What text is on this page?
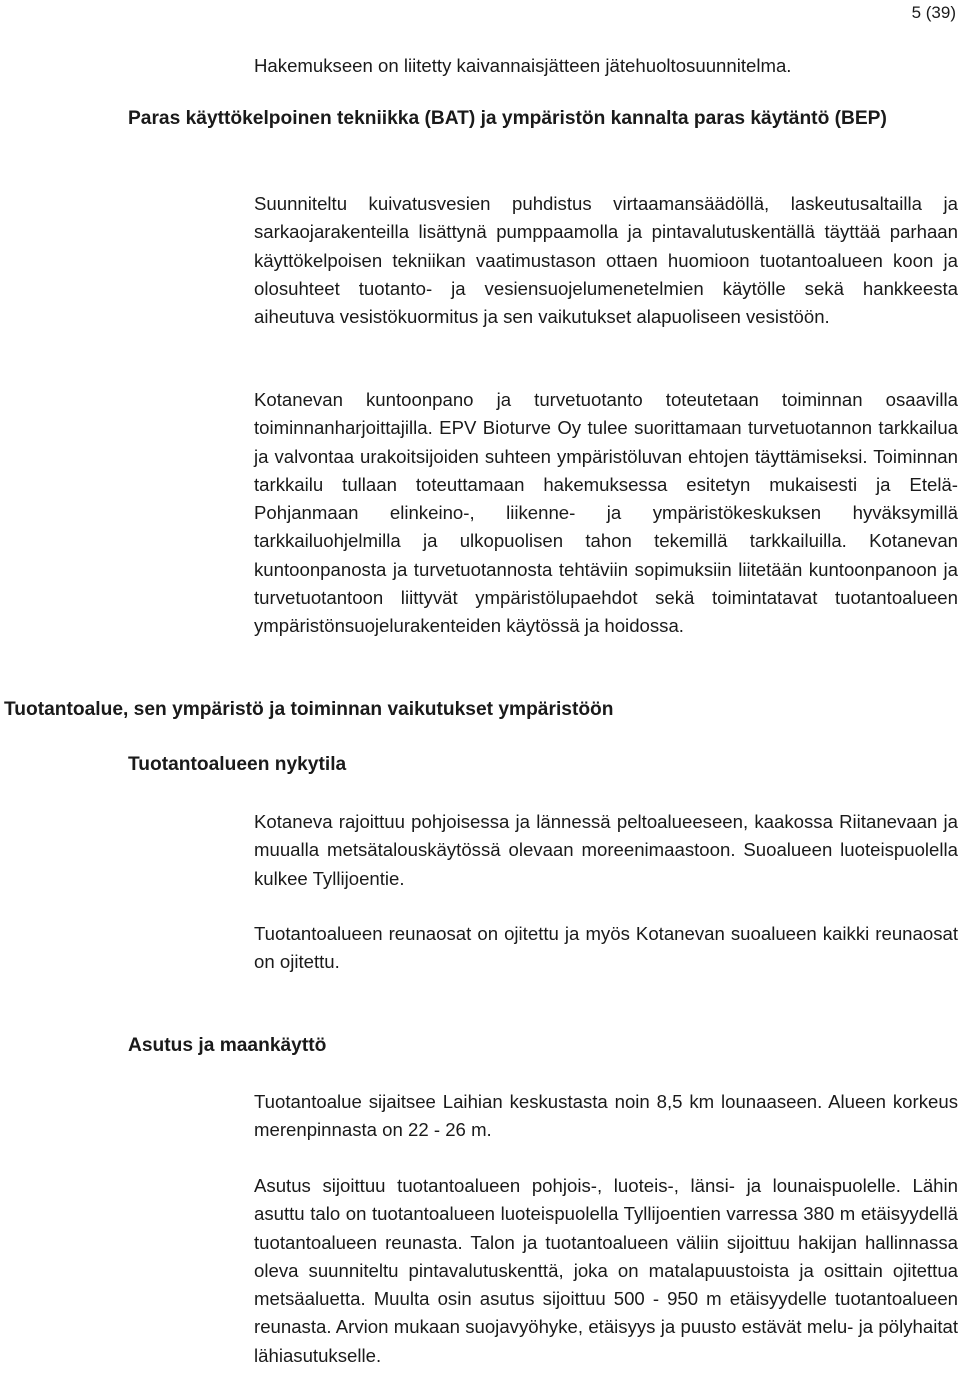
5 (39)

Hakemukseen on liitetty kaivannaisjätteen jätehuoltosuunnitelma.

Paras käyttökelpoinen tekniikka (BAT) ja ympäristön kannalta paras käytäntö (BEP)

Suunniteltu kuivatusvesien puhdistus virtaamansäädöllä, laskeutusaltailla ja sarkaojarakenteilla lisättynä pumppaamolla ja pintavalutuskentällä täyttää parhaan käyttökelpoisen tekniikan vaatimustason ottaen huomioon tuotantoalueen koon ja olosuhteet tuotanto- ja vesiensuojelumenetelmien käytölle sekä hankkeesta aiheutuva vesistökuormitus ja sen vaikutukset alapuoliseen vesistöön.

Kotanevan kuntoonpano ja turvetuotanto toteutetaan toiminnan osaavilla toiminnanharjoittajilla. EPV Bioturve Oy tulee suorittamaan turvetuotannon tarkkailua ja valvontaa urakoitsijoiden suhteen ympäristöluvan ehtojen täyttämiseksi. Toiminnan tarkkailu tullaan toteuttamaan hakemuksessa esitetyn mukaisesti ja Etelä-Pohjanmaan elinkeino-, liikenne- ja ympäristökeskuksen hyväksymillä tarkkailuohjelmilla ja ulkopuolisen tahon tekemillä tarkkailuilla. Kotanevan kuntoonpanosta ja turvetuotannosta tehtäviin sopimuksiin liitetään kuntoonpanoon ja turvetuotantoon liittyvät ympäristölupaehdot sekä toimintatavat tuotantoalueen ympäristönsuojelurakenteiden käytössä ja hoidossa.

Tuotantoalue, sen ympäristö ja toiminnan vaikutukset ympäristöön
Tuotantoalueen nykytila

Kotaneva rajoittuu pohjoisessa ja lännessä peltoalueeseen, kaakossa Riitanevaan ja muualla metsätalouskäytössä olevaan moreenimaastoon. Suoalueen luoteispuolella kulkee Tyllijoentie.

Tuotantoalueen reunaosat on ojitettu ja myös Kotanevan suoalueen kaikki reunaosat on ojitettu.

Asutus ja maankäyttö

Tuotantoalue sijaitsee Laihian keskustasta noin 8,5 km lounaaseen. Alueen korkeus merenpinnasta on 22 - 26 m.

Asutus sijoittuu tuotantoalueen pohjois-, luoteis-, länsi- ja lounaispuolelle. Lähin asuttu talo on tuotantoalueen luoteispuolella Tyllijoentien varressa 380 m etäisyydellä tuotantoalueen reunasta. Talon ja tuotantoalueen väliin sijoittuu hakijan hallinnassa oleva suunniteltu pintavalutuskenttä, joka on matalapuustoista ja osittain ojitettua metsäaluetta. Muulta osin asutus sijoittuu 500 - 950 m etäisyydelle tuotantoalueen reunasta. Arvion mukaan suojavyöhyke, etäisyys ja puusto estävät melu- ja pölyhaitat lähiasutukselle.
